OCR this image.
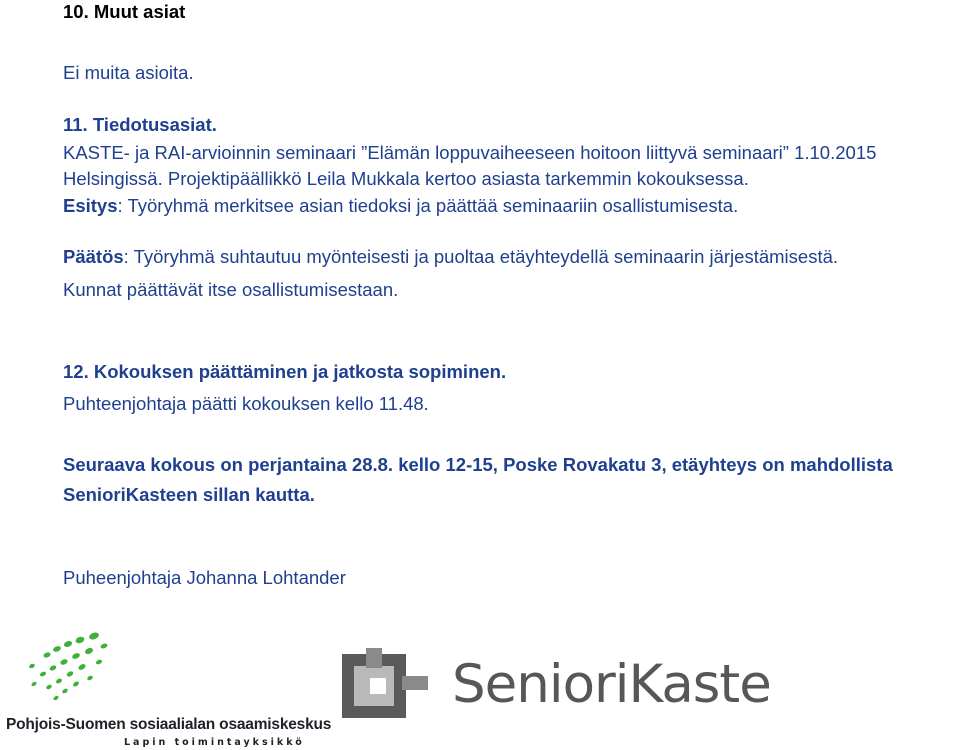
10. Muut asiat
Ei muita asioita.
11. Tiedotusasiat.
KASTE- ja RAI-arvioinnin seminaari ”Elämän loppuvaiheeseen hoitoon liittyvä seminaari” 1.10.2015
Helsingissä. Projektipäällikkö Leila Mukkala kertoo asiasta tarkemmin kokouksessa.
Esitys: Työryhmä merkitsee asian tiedoksi ja päättää seminaariin osallistumisesta.
Päätös: Työryhmä suhtautuu myönteisesti ja puoltaa etäyhteydellä seminaarin järjestämisestä.
Kunnat päättävät itse osallistumisestaan.
12. Kokouksen päättäminen ja jatkosta sopiminen.
Puhteenjohtaja päätti kokouksen kello 11.48.
Seuraava kokous on perjantaina 28.8. kello 12-15, Poske Rovakatu 3, etäyhteys on mahdollista
SenioriKasteen sillan kautta.
Puheenjohtaja Johanna Lohtander
Pohjois-Suomen sosiaalialan osaamiskeskus
Lapin toimintayksikkö
SenioriKaste
